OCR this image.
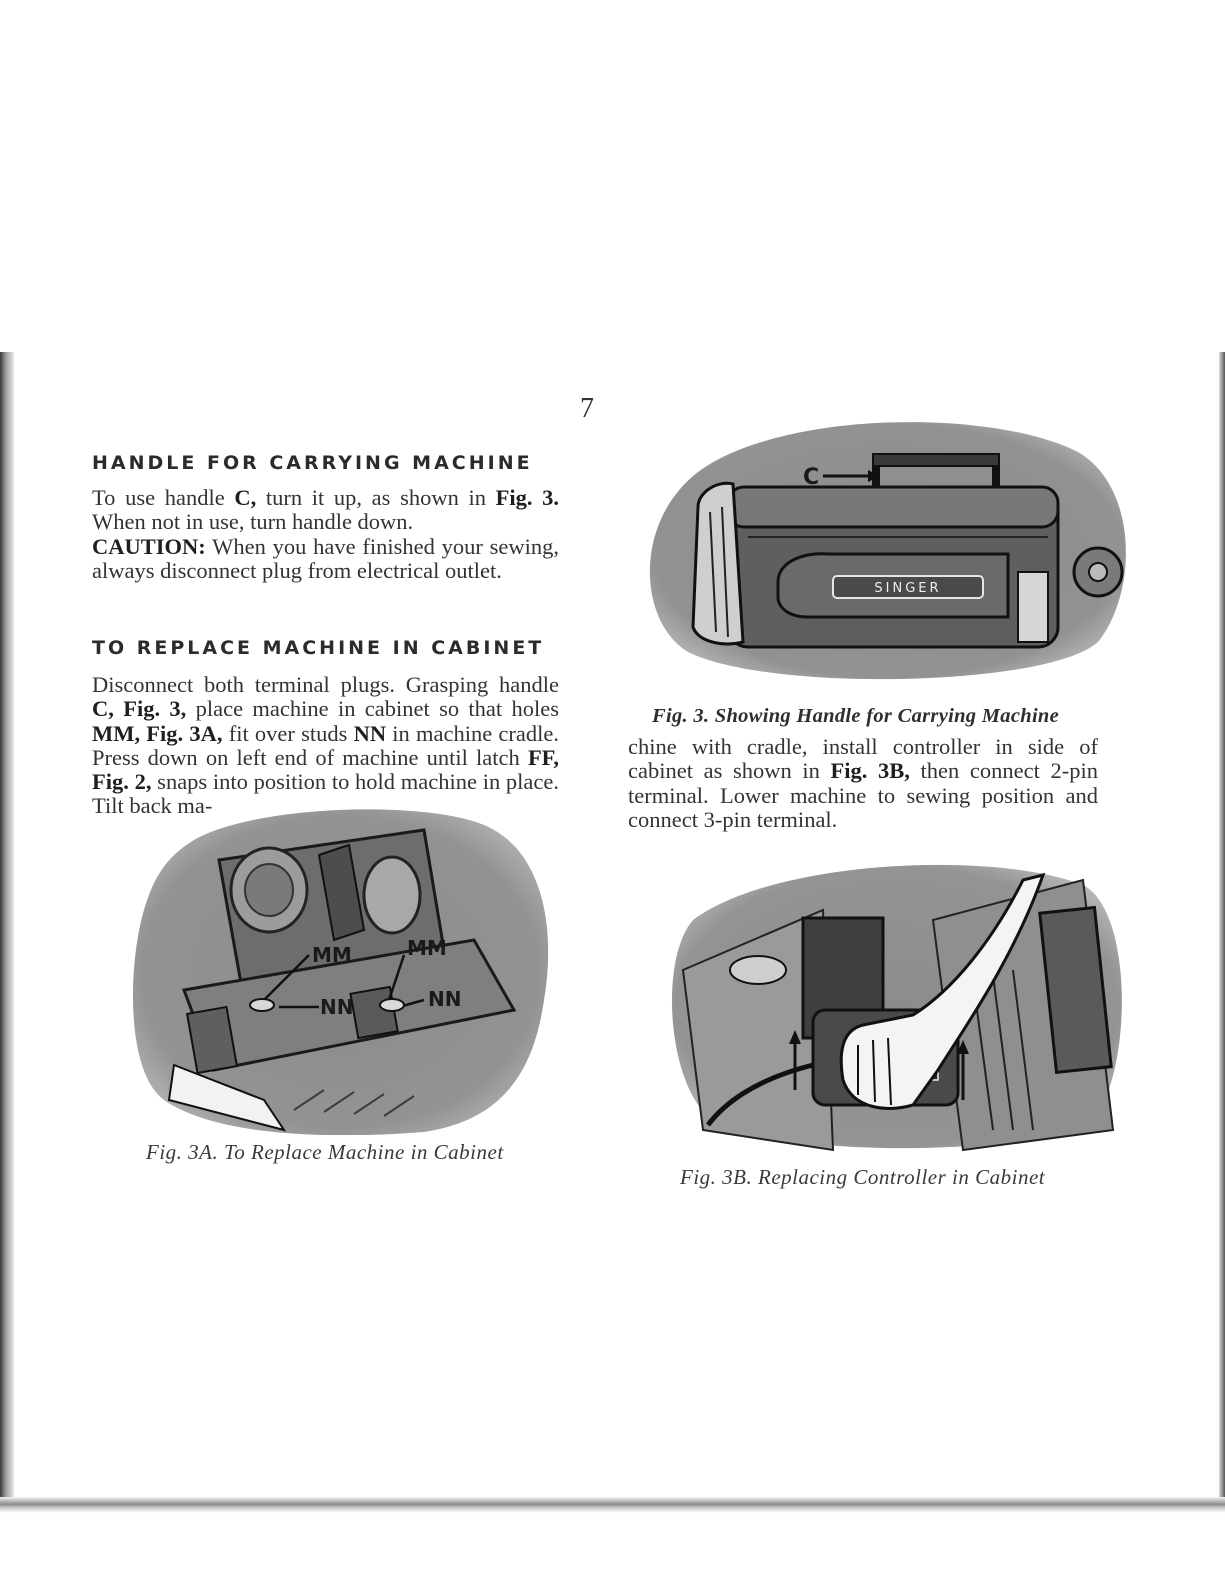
7
HANDLE FOR CARRYING MACHINE

To use handle C, turn it up, as shown in Fig. 3. When not in use, turn handle down.
CAUTION: When you have finished your sewing, always disconnect plug from electrical outlet.

TO REPLACE MACHINE IN CABINET

Disconnect both terminal plugs. Grasping handle C, Fig. 3, place machine in cabinet so that holes MM, Fig. 3A, fit over studs NN in machine cradle. Press down on left end of machine until latch FF, Fig. 2, snaps into position to hold machine in place. Tilt back ma-

MM	MM
NN	NN
Fig. 3A. To Replace Machine in Cabinet
C
SINGER
Fig. 3. Showing Handle for Carrying Machine

chine with cradle, install controller in side of cabinet as shown in Fig. 3B, then connect 2-pin terminal. Lower machine to sewing position and connect 3-pin terminal.

Fig. 3B. Replacing Controller in Cabinet
